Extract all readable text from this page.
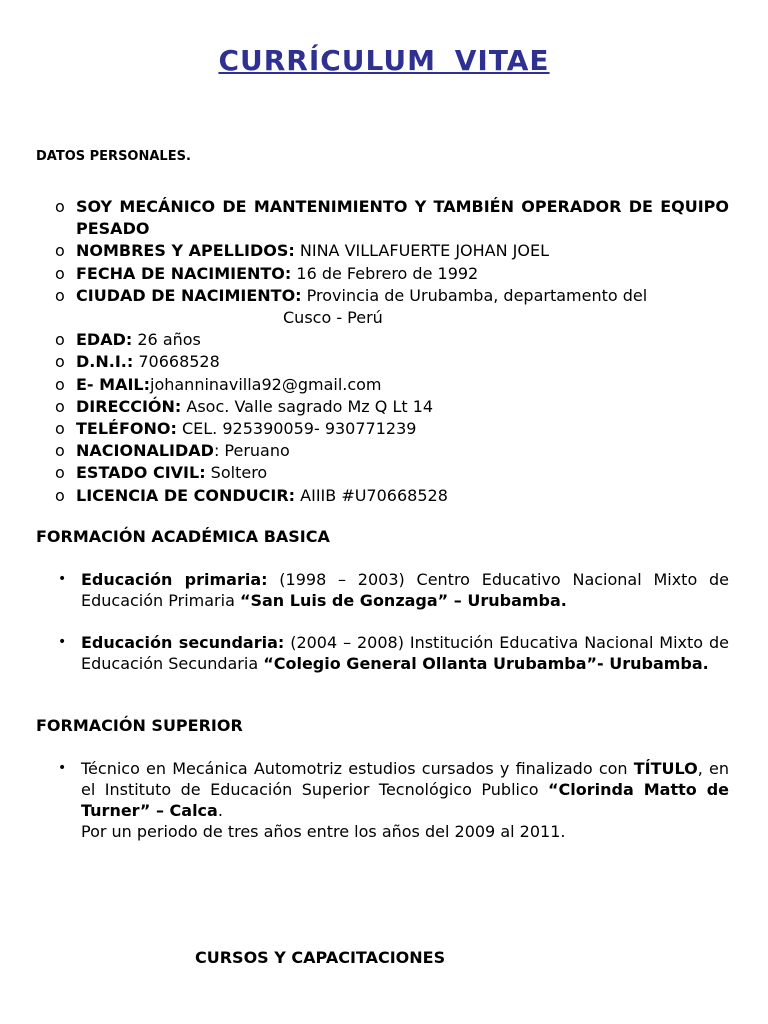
CURRÍCULUM VITAE
DATOS PERSONALES.
o SOY MECÁNICO DE MANTENIMIENTO Y TAMBIÉN OPERADOR DE EQUIPO PESADO
o NOMBRES Y APELLIDOS: NINA VILLAFUERTE JOHAN JOEL
o FECHA DE NACIMIENTO: 16 de Febrero de 1992
o CIUDAD DE NACIMIENTO: Provincia de Urubamba, departamento del
Cusco - Perú
o EDAD: 26 años
o D.N.I.: 70668528
o E- MAIL:johanninavilla92@gmail.com
o DIRECCIÓN: Asoc. Valle sagrado Mz Q Lt 14
o TELÉFONO: CEL. 925390059- 930771239
o NACIONALIDAD: Peruano
o ESTADO CIVIL: Soltero
o LICENCIA DE CONDUCIR: AIIIB #U70668528
FORMACIÓN ACADÉMICA BASICA
• Educación primaria: (1998 – 2003) Centro Educativo Nacional Mixto de Educación Primaria “San Luis de Gonzaga” – Urubamba.
• Educación secundaria: (2004 – 2008) Institución Educativa Nacional Mixto de Educación Secundaria “Colegio General Ollanta Urubamba”- Urubamba.
FORMACIÓN SUPERIOR
• Técnico en Mecánica Automotriz estudios cursados y finalizado con TÍTULO, en el Instituto de Educación Superior Tecnológico Publico “Clorinda Matto de Turner” – Calca.
Por un periodo de tres años entre los años del 2009 al 2011.
CURSOS Y CAPACITACIONES
